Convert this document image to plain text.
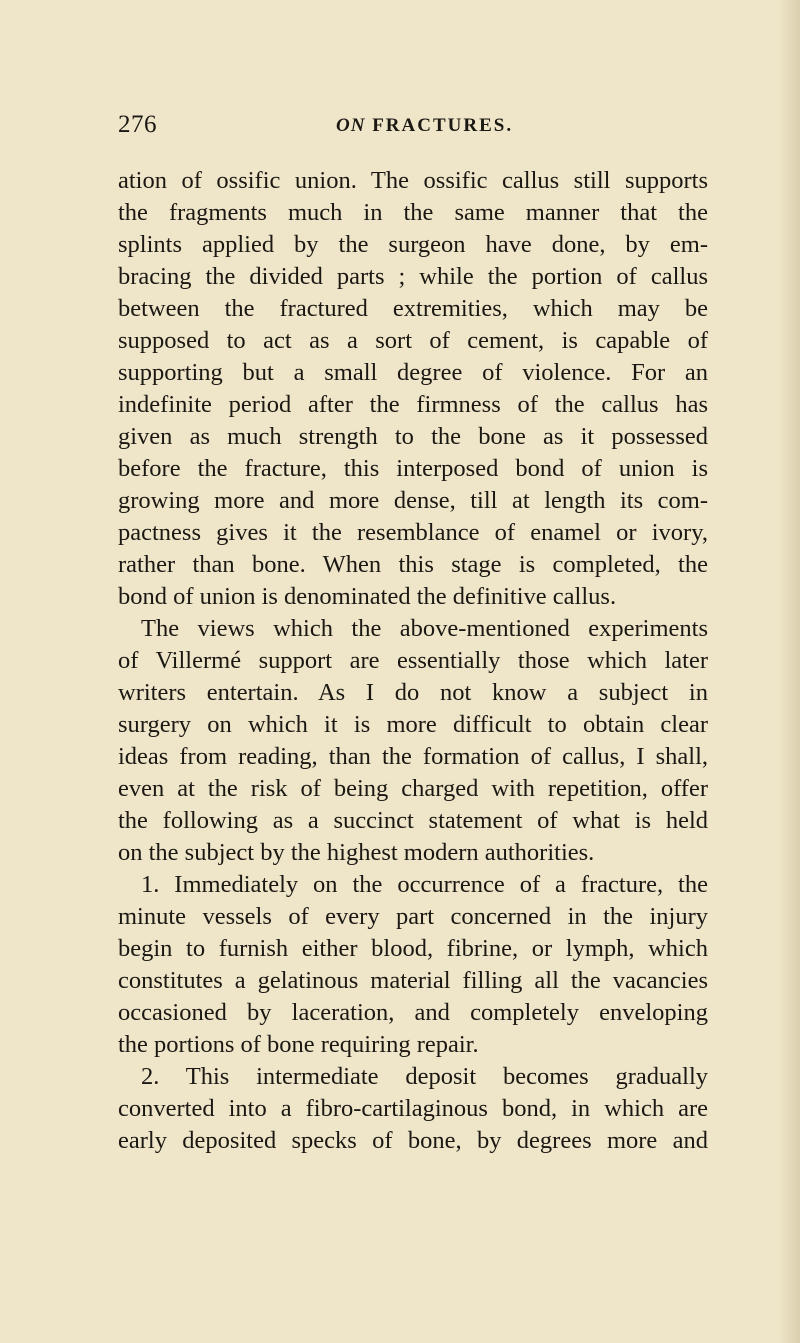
276	ON FRACTURES.
ation of ossific union. The ossific callus still supports
the fragments much in the same manner that the
splints applied by the surgeon have done, by em-
bracing the divided parts ; while the portion of callus
between the fractured extremities, which may be
supposed to act as a sort of cement, is capable of
supporting but a small degree of violence. For an
indefinite period after the firmness of the callus has
given as much strength to the bone as it possessed
before the fracture, this interposed bond of union is
growing more and more dense, till at length its com-
pactness gives it the resemblance of enamel or ivory,
rather than bone. When this stage is completed, the
bond of union is denominated the definitive callus.
The views which the above-mentioned experiments
of Villermé support are essentially those which later
writers entertain. As I do not know a subject in
surgery on which it is more difficult to obtain clear
ideas from reading, than the formation of callus, I shall,
even at the risk of being charged with repetition, offer
the following as a succinct statement of what is held
on the subject by the highest modern authorities.
1. Immediately on the occurrence of a fracture, the
minute vessels of every part concerned in the injury
begin to furnish either blood, fibrine, or lymph, which
constitutes a gelatinous material filling all the vacancies
occasioned by laceration, and completely enveloping
the portions of bone requiring repair.
2. This intermediate deposit becomes gradually
converted into a fibro-cartilaginous bond, in which are
early deposited specks of bone, by degrees more and
